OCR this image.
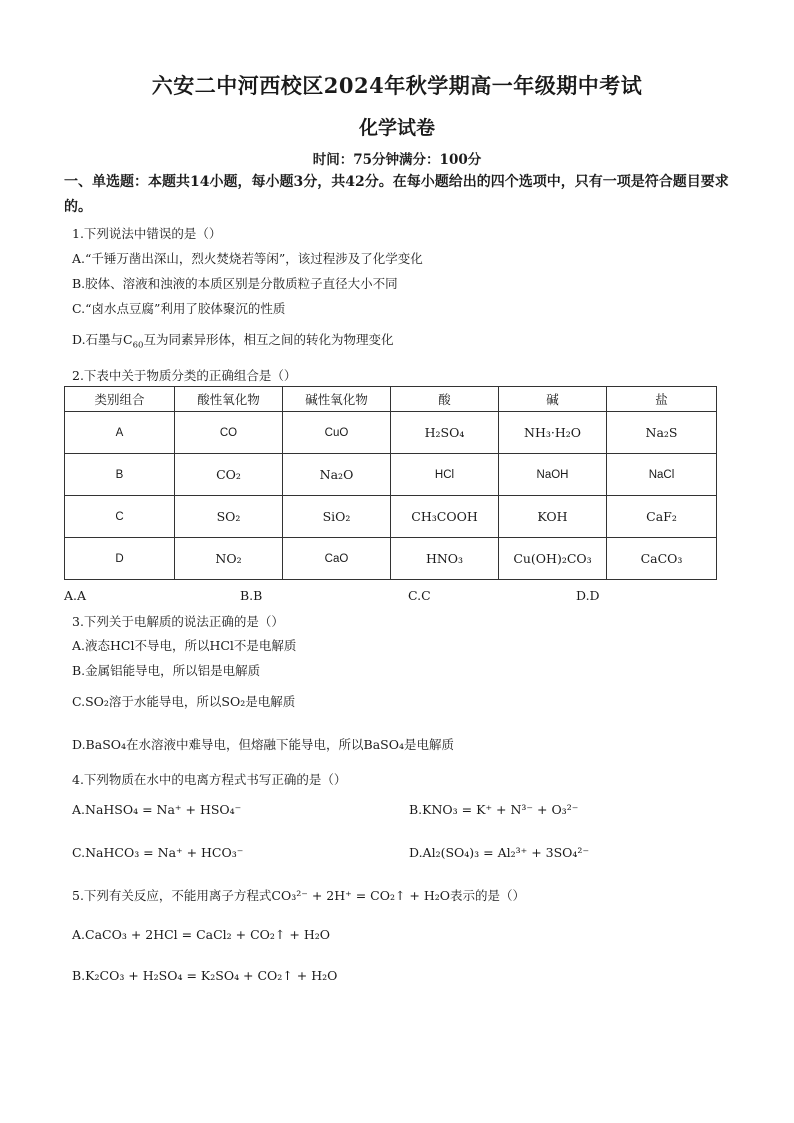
六安二中河西校区2024年秋学期高一年级期中考试
化学试卷
时间：75分钟满分：100分
一、单选题：本题共14小题，每小题3分，共42分。在每小题给出的四个选项中，只有一项是符合题目要求的。
1.下列说法中错误的是（）
A.“千锤万凿出深山，烈火焚烧若等闲”，该过程涉及了化学变化
B.胶体、溶液和浊液的本质区别是分散质粒子直径大小不同
C.“卤水点豆腐”利用了胶体聚沉的性质
D.石墨与$C_{60}$互为同素异形体，相互之间的转化为物理变化
2.下表中关于物质分类的正确组合是（）
类别组合	酸性氧化物	碱性氧化物	酸	碱	盐
A	CO	CuO	H₂SO₄	NH₃·H₂O	Na₂S
B	CO₂	Na₂O	HCl	NaOH	NaCl
C	SO₂	SiO₂	CH₃COOH	KOH	CaF₂
D	NO₂	CaO	HNO₃	Cu(OH)₂CO₃	CaCO₃
A.A	B.B	C.C	D.D
3.下列关于电解质的说法正确的是（）
A.液态HCl不导电，所以HCl不是电解质
B.金属铝能导电，所以铝是电解质
C.SO₂溶于水能导电，所以SO₂是电解质
D.BaSO₄在水溶液中难导电，但熔融下能导电，所以BaSO₄是电解质
4.下列物质在水中的电离方程式书写正确的是（）
A.NaHSO₄ = Na⁺ + HSO₄⁻	B.KNO₃ = K⁺ + N³⁻ + O₃²⁻
C.NaHCO₃ = Na⁺ + HCO₃⁻	D.Al₂(SO₄)₃ = Al₂³⁺ + 3SO₄²⁻
5.下列有关反应，不能用离子方程式CO₃²⁻ + 2H⁺ = CO₂↑ + H₂O表示的是（）
A.CaCO₃ + 2HCl = CaCl₂ + CO₂↑ + H₂O
B.K₂CO₃ + H₂SO₄ = K₂SO₄ + CO₂↑ + H₂O
